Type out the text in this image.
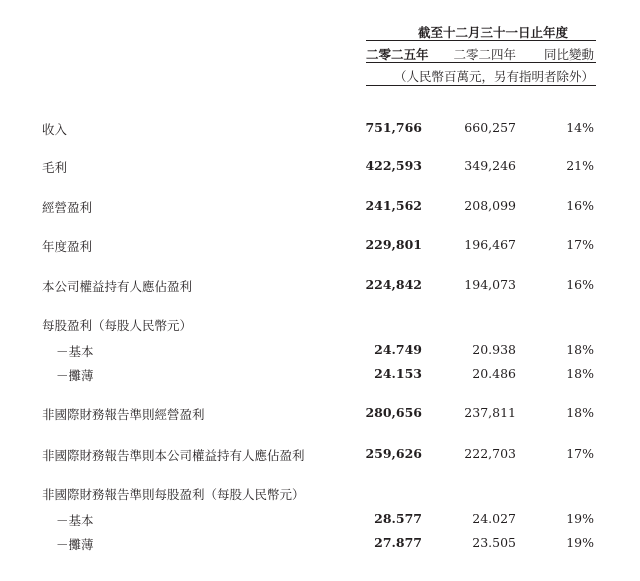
截至十二月三十一日止年度
二零二五年 二零二四年 同比變動
（人民幣百萬元，另有指明者除外）
收入	751,766	660,257	14%
毛利	422,593	349,246	21%
經營盈利	241,562	208,099	16%
年度盈利	229,801	196,467	17%
本公司權益持有人應佔盈利	224,842	194,073	16%
每股盈利（每股人民幣元）
－基本	24.749	20.938	18%
－攤薄	24.153	20.486	18%
非國際財務報告準則經營盈利	280,656	237,811	18%
非國際財務報告準則本公司權益持有人應佔盈利	259,626	222,703	17%
非國際財務報告準則每股盈利（每股人民幣元）
－基本	28.577	24.027	19%
－攤薄	27.877	23.505	19%
